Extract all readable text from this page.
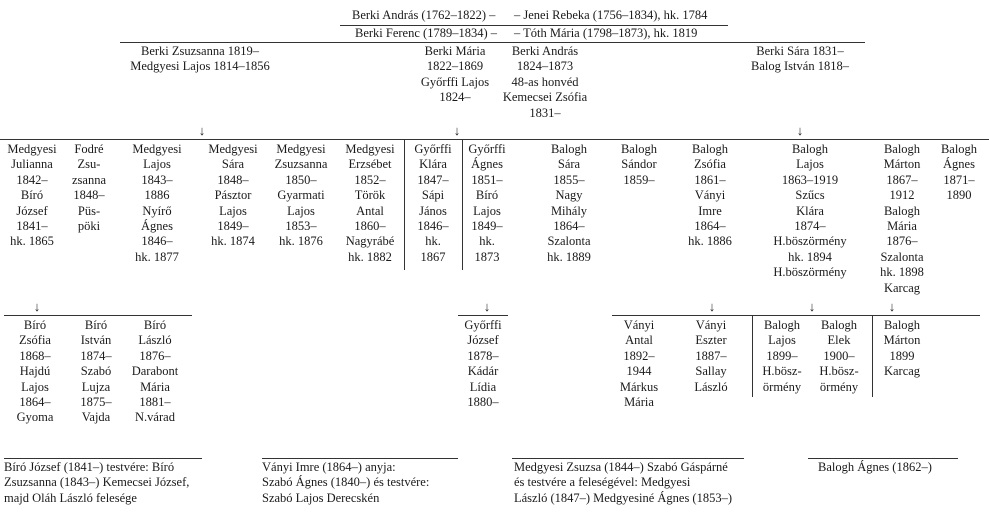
Berki András (1762–1822) – – Jenei Rebeka (1756–1834), hk. 1784
Berki Ferenc (1789–1834) – – Tóth Mária (1798–1873), hk. 1819
Berki Zsuzsanna 1819–
Medgyesi Lajos 1814–1856
Berki Mária
1822–1869
Győrffi Lajos
1824–
Berki András
1824–1873
48-as honvéd
Kemecsei Zsófia
1831–
Berki Sára 1831–
Balog István 1818–
↓	↓	↓
Medgyesi
Julianna
1842–
Bíró
József
1841–
hk. 1865
Fodré
Zsu-
zsanna
1848–
Püs-
pöki
Medgyesi
Lajos
1843–
1886
Nyírő
Ágnes
1846–
hk. 1877
Medgyesi
Sára
1848–
Pásztor
Lajos
1849–
hk. 1874
Medgyesi
Zsuzsanna
1850–
Gyarmati
Lajos
1853–
hk. 1876
Medgyesi
Erzsébet
1852–
Török
Antal
1860–
Nagyrábé
hk. 1882
Győrffi
Klára
1847–
Sápi
János
1846–
hk.
1867
Győrffi
Ágnes
1851–
Bíró
Lajos
1849–
hk.
1873
Balogh
Sára
1855–
Nagy
Mihály
1864–
Szalonta
hk. 1889
Balogh
Sándor
1859–
Balogh
Zsófia
1861–
Ványi
Imre
1864–
hk. 1886
Balogh
Lajos
1863–1919
Szűcs
Klára
1874–
H.böszörmény
hk. 1894
H.böszörmény
Balogh
Márton
1867–
1912
Balogh
Mária
1876–
Szalonta
hk. 1898
Karcag
Balogh
Ágnes
1871–
1890
↓	↓	↓	↓	↓
Bíró
Zsófia
1868–
Hajdú
Lajos
1864–
Gyoma
Bíró
István
1874–
Szabó
Lujza
1875–
Vajda
Bíró
László
1876–
Darabont
Mária
1881–
N.várad
Győrffi
József
1878–
Kádár
Lídia
1880–
Ványi
Antal
1892–
1944
Márkus
Mária
Ványi
Eszter
1887–
Sallay
László
Balogh
Lajos
1899–
H.bösz-
örmény
Balogh
Elek
1900–
H.bösz-
örmény
Balogh
Márton
1899
Karcag
Bíró József (1841–) testvére: Bíró
Zsuzsanna (1843–) Kemecsei József,
majd Oláh László felesége
Ványi Imre (1864–) anyja:
Szabó Ágnes (1840–) és testvére:
Szabó Lajos Derecskén
Medgyesi Zsuzsa (1844–) Szabó Gáspárné
és testvére a feleségével: Medgyesi
László (1847–) Medgyesiné Ágnes (1853–)
Balogh Ágnes (1862–)
